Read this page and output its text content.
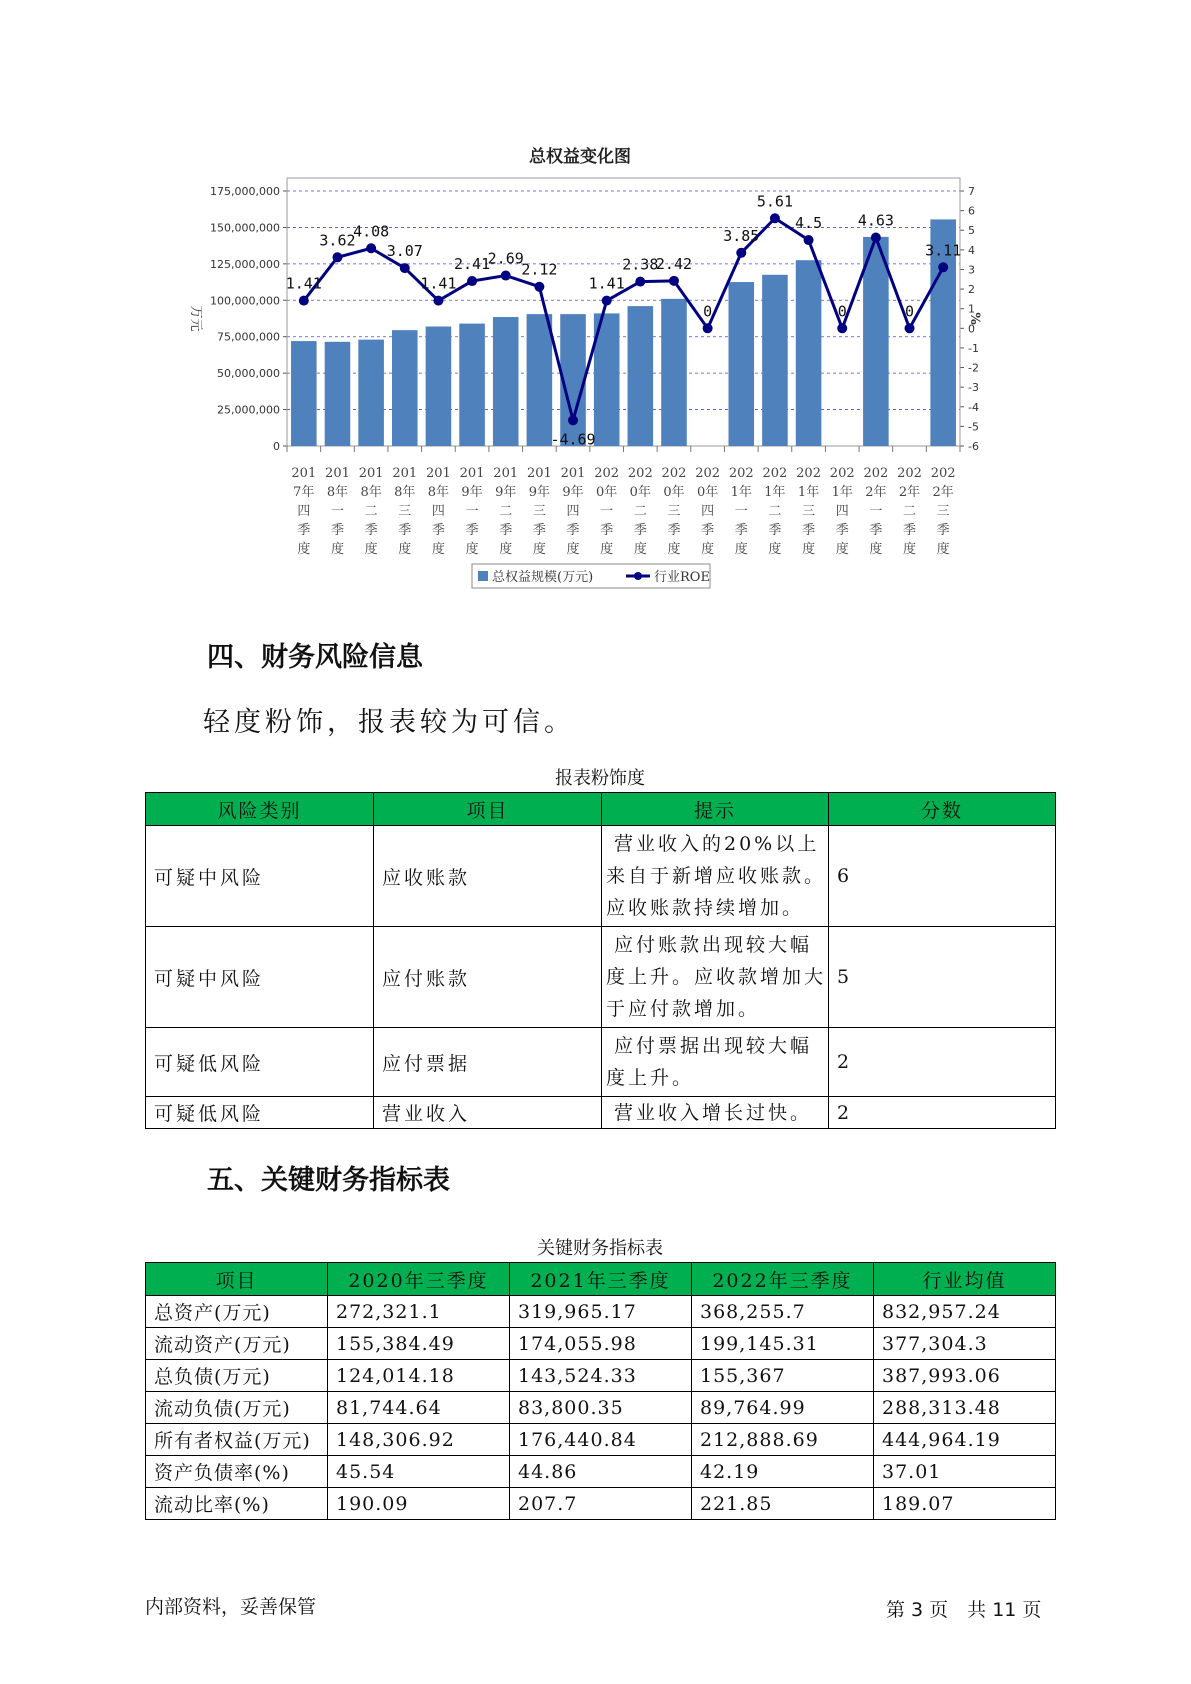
总权益变化图
0
25,000,000
50,000,000
75,000,000
100,000,000
125,000,000
150,000,000
175,000,000	7
6
5
4
3
2
1
0
-1
-2
-3
-4
-5
-6
万元	%
1.41
3.62
4.08
3.07
1.41
2.41
2.69
2.12
-4.69
1.41
2.38
2.42
0
3.85
5.61
4.5
0
4.63
0
3.11
201
7年
四
季
度
201
8年
一
季
度
201
8年
二
季
度
201
8年
三
季
度
201
8年
四
季
度
201
9年
一
季
度
201
9年
二
季
度
201
9年
三
季
度
201
9年
四
季
度
202
0年
一
季
度
202
0年
二
季
度
202
0年
三
季
度
202
0年
四
季
度
202
1年
一
季
度
202
1年
二
季
度
202
1年
三
季
度
202
1年
四
季
度
202
2年
一
季
度
202
2年
二
季
度
202
2年
三
季
度
总权益规模(万元)	行业ROE
四、财务风险信息

轻度粉饰，报表较为可信。

报表粉饰度
风险类别	项目	提示	分数
可疑中风险	应收账款	营业收入的20%以上来自于新增应收账款。应收账款持续增加。	6
可疑中风险	应付账款	应付账款出现较大幅度上升。应收款增加大于应付款增加。	5
可疑低风险	应付票据	应付票据出现较大幅度上升。	2
可疑低风险	营业收入	营业收入增长过快。	2
五、关键财务指标表
关键财务指标表
项目	2020年三季度	2021年三季度	2022年三季度	行业均值
总资产(万元)	272,321.1	319,965.17	368,255.7	832,957.24
流动资产(万元)	155,384.49	174,055.98	199,145.31	377,304.3
总负债(万元)	124,014.18	143,524.33	155,367	387,993.06
流动负债(万元)	81,744.64	83,800.35	89,764.99	288,313.48
所有者权益(万元)	148,306.92	176,440.84	212,888.69	444,964.19
资产负债率(%)	45.54	44.86	42.19	37.01
流动比率(%)	190.09	207.7	221.85	189.07
内部资料，妥善保管	第 3 页　共 11 页
